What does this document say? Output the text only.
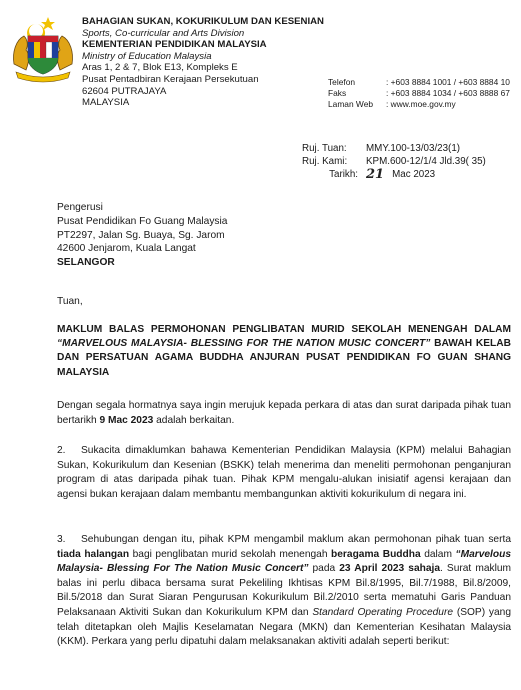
BAHAGIAN SUKAN, KOKURIKULUM DAN KESENIAN
Sports, Co-curricular and Arts Division
KEMENTERIAN PENDIDIKAN MALAYSIA
Ministry of Education Malaysia
Aras 1, 2 & 7, Blok E13, Kompleks E
Pusat Pentadbiran Kerajaan Persekutuan
62604 PUTRAJAYA
MALAYSIA
Telefon	: +603 8884 1001 / +603 8884 10
Faks	: +603 8884 1034 / +603 8888 67
Laman Web	: www.moe.gov.my
Ruj. Tuan:	MMY.100-13/03/23(1)
Ruj. Kami:	KPM.600-12/1/4 Jld.39( 35)
Tarikh: 21 Mac 2023
Pengerusi
Pusat Pendidikan Fo Guang Malaysia
PT2297, Jalan Sg. Buaya, Sg. Jarom
42600 Jenjarom, Kuala Langat
SELANGOR
Tuan,
MAKLUM BALAS PERMOHONAN PENGLIBATAN MURID SEKOLAH MENENGAH DALAM “MARVELOUS MALAYSIA- BLESSING FOR THE NATION MUSIC CONCERT” BAWAH KELAB DAN PERSATUAN AGAMA BUDDHA ANJURAN PUSAT PENDIDIKAN FO GUAN SHANG MALAYSIA
Dengan segala hormatnya saya ingin merujuk kepada perkara di atas dan surat daripada pihak tuan bertarikh 9 Mac 2023 adalah berkaitan.
2. Sukacita dimaklumkan bahawa Kementerian Pendidikan Malaysia (KPM) melalui Bahagian Sukan, Kokurikulum dan Kesenian (BSKK) telah menerima dan meneliti permohonan penganjuran program di atas daripada pihak tuan. Pihak KPM mengalu-alukan inisiatif agensi kerajaan dan agensi bukan kerajaan dalam membantu membangunkan aktiviti kokurikulum di negara ini.
3. Sehubungan dengan itu, pihak KPM mengambil maklum akan permohonan pihak tuan serta tiada halangan bagi penglibatan murid sekolah menengah beragama Buddha dalam “Marvelous Malaysia- Blessing For The Nation Music Concert” pada 23 April 2023 sahaja. Surat maklum balas ini perlu dibaca bersama surat Pekeliling Ikhtisas KPM Bil.8/1995, Bil.7/1988, Bil.8/2009, Bil.5/2018 dan Surat Siaran Pengurusan Kokurikulum Bil.2/2010 serta mematuhi Garis Panduan Pelaksanaan Aktiviti Sukan dan Kokurikulum KPM dan Standard Operating Procedure (SOP) yang telah ditetapkan oleh Majlis Keselamatan Negara (MKN) dan Kementerian Kesihatan Malaysia (KKM). Perkara yang perlu dipatuhi dalam melaksanakan aktiviti adalah seperti berikut:
